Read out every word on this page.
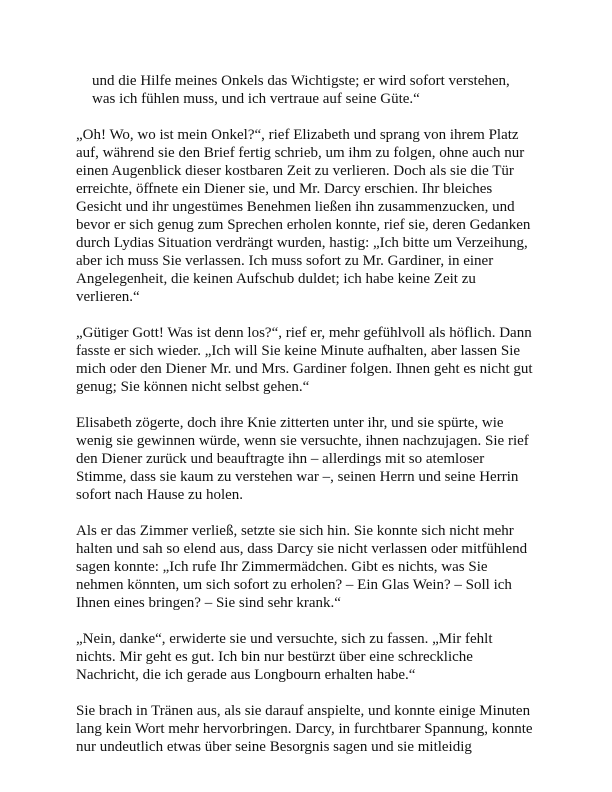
und die Hilfe meines Onkels das Wichtigste; er wird sofort verstehen,
was ich fühlen muss, und ich vertraue auf seine Güte.“
„Oh! Wo, wo ist mein Onkel?“, rief Elizabeth und sprang von ihrem Platz
auf, während sie den Brief fertig schrieb, um ihm zu folgen, ohne auch nur
einen Augenblick dieser kostbaren Zeit zu verlieren. Doch als sie die Tür
erreichte, öffnete ein Diener sie, und Mr. Darcy erschien. Ihr bleiches
Gesicht und ihr ungestümes Benehmen ließen ihn zusammenzucken, und
bevor er sich genug zum Sprechen erholen konnte, rief sie, deren Gedanken
durch Lydias Situation verdrängt wurden, hastig: „Ich bitte um Verzeihung,
aber ich muss Sie verlassen. Ich muss sofort zu Mr. Gardiner, in einer
Angelegenheit, die keinen Aufschub duldet; ich habe keine Zeit zu
verlieren.“
„Gütiger Gott! Was ist denn los?“, rief er, mehr gefühlvoll als höflich. Dann
fasste er sich wieder. „Ich will Sie keine Minute aufhalten, aber lassen Sie
mich oder den Diener Mr. und Mrs. Gardiner folgen. Ihnen geht es nicht gut
genug; Sie können nicht selbst gehen.“
Elisabeth zögerte, doch ihre Knie zitterten unter ihr, und sie spürte, wie
wenig sie gewinnen würde, wenn sie versuchte, ihnen nachzujagen. Sie rief
den Diener zurück und beauftragte ihn – allerdings mit so atemloser
Stimme, dass sie kaum zu verstehen war –, seinen Herrn und seine Herrin
sofort nach Hause zu holen.
Als er das Zimmer verließ, setzte sie sich hin. Sie konnte sich nicht mehr
halten und sah so elend aus, dass Darcy sie nicht verlassen oder mitfühlend
sagen konnte: „Ich rufe Ihr Zimmermädchen. Gibt es nichts, was Sie
nehmen könnten, um sich sofort zu erholen? – Ein Glas Wein? – Soll ich
Ihnen eines bringen? – Sie sind sehr krank.“
„Nein, danke“, erwiderte sie und versuchte, sich zu fassen. „Mir fehlt
nichts. Mir geht es gut. Ich bin nur bestürzt über eine schreckliche
Nachricht, die ich gerade aus Longbourn erhalten habe.“
Sie brach in Tränen aus, als sie darauf anspielte, und konnte einige Minuten
lang kein Wort mehr hervorbringen. Darcy, in furchtbarer Spannung, konnte
nur undeutlich etwas über seine Besorgnis sagen und sie mitleidig
